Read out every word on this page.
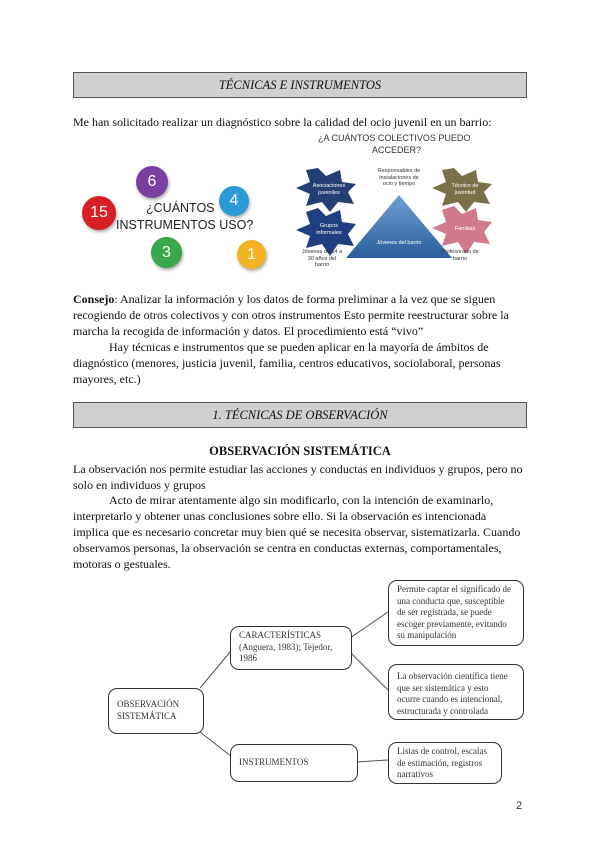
TÉCNICAS E INSTRUMENTOS
Me han solicitado realizar un diagnóstico sobre la calidad del ocio juvenil en un barrio:
6
4
15
3	1
¿CUÁNTOS
INSTRUMENTOS USO?
¿A CUÁNTOS COLECTIVOS PUEDO
ACCEDER?
Responsables de
instalaciones de
ocio y tiempo
Asociaciones
juveniles
Grupos
informales
Técnico de
juventud
Familias
Jóvenes del barrio
Jóvenes de 14 a
30 años del
barrio
Profesorado de
barrio
Consejo: Analizar la información y los datos de forma preliminar a la vez que se siguen
recogiendo de otros colectivos y con otros instrumentos Esto permite reestructurar sobre la
marcha la recogida de información y datos. El procedimiento está “vivo”
Hay técnicas e instrumentos que se pueden aplicar en la mayoría de ámbitos de
diagnóstico (menores, justicia juvenil, familia, centros educativos, sociolaboral, personas
mayores, etc.)
1. TÉCNICAS DE OBSERVACIÓN
OBSERVACIÓN SISTEMÁTICA
La observación nos permite estudiar las acciones y conductas en individuos y grupos, pero no
solo en individuos y grupos
Acto de mirar atentamente algo sin modificarlo, con la intención de examinarlo,
interpretarlo y obtener unas conclusiones sobre ello. Si la observación es intencionada
implica que es necesario concretar muy bien qué se necesita observar, sistematizarla. Cuando
observamos personas, la observación se centra en conductas externas, comportamentales,
motoras o gestuales.
OBSERVACIÓN
SISTEMÁTICA
CARACTERÍSTICAS
(Anguera, 1983); Tejedor,
1986
INSTRUMENTOS
Permite captar el significado de
una conducta que, susceptible
de ser registrada, se puede
escoger previamente, evitando
su manipulación
La observación científica tiene
que ser sistemática y esto
ocurre cuando es intencional,
estructurada y controlada
Listas de control, escalas
de estimación, registros
narrativos
2
